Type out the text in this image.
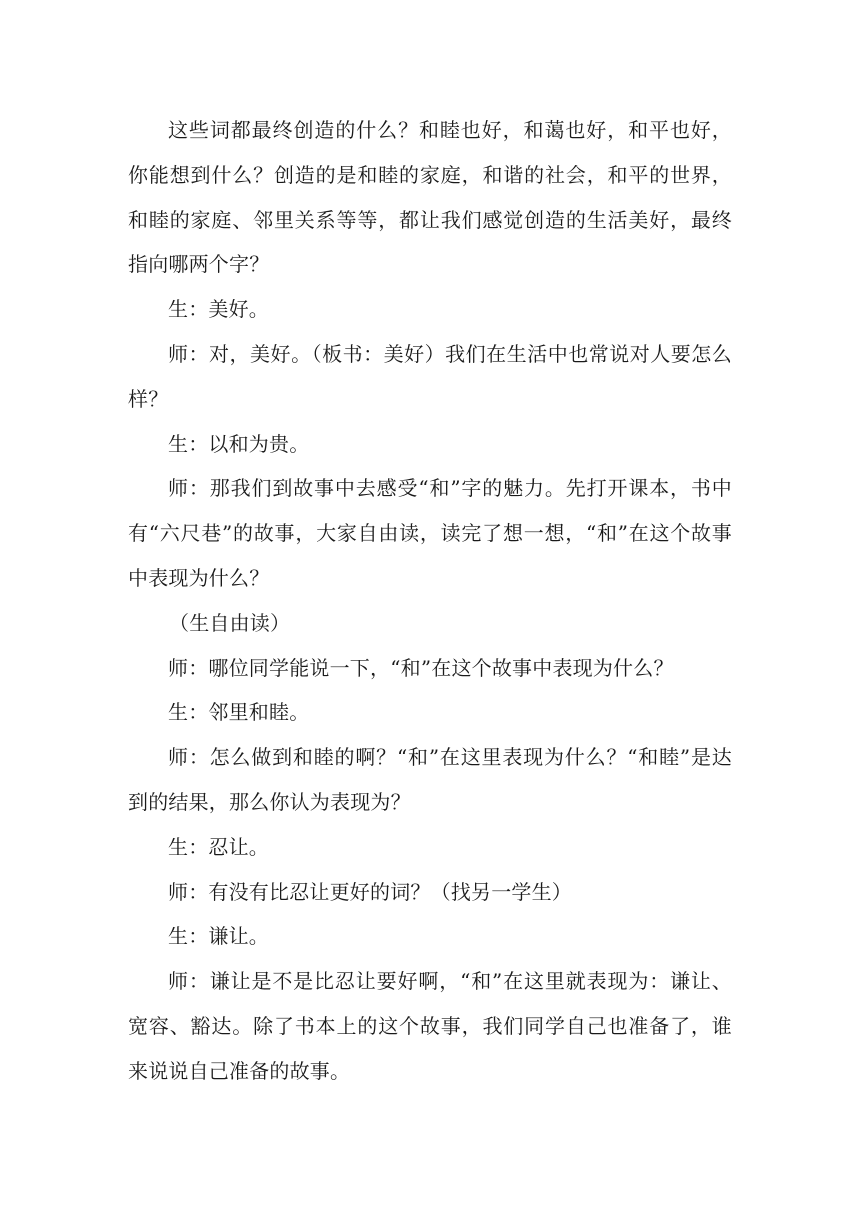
这些词都最终创造的什么？和睦也好，和蔼也好，和平也好，你能想到什么？创造的是和睦的家庭，和谐的社会，和平的世界，和睦的家庭、邻里关系等等，都让我们感觉创造的生活美好，最终指向哪两个字？

生：美好。

师：对，美好。（板书：美好）我们在生活中也常说对人要怎么样？

生：以和为贵。

师：那我们到故事中去感受“和”字的魅力。先打开课本，书中有“六尺巷”的故事，大家自由读，读完了想一想，“和”在这个故事中表现为什么？

（生自由读）

师：哪位同学能说一下，“和”在这个故事中表现为什么？

生：邻里和睦。

师：怎么做到和睦的啊？“和”在这里表现为什么？“和睦”是达到的结果，那么你认为表现为？

生：忍让。

师：有没有比忍让更好的词？（找另一学生）

生：谦让。

师：谦让是不是比忍让要好啊，“和”在这里就表现为：谦让、宽容、豁达。除了书本上的这个故事，我们同学自己也准备了，谁来说说自己准备的故事。
